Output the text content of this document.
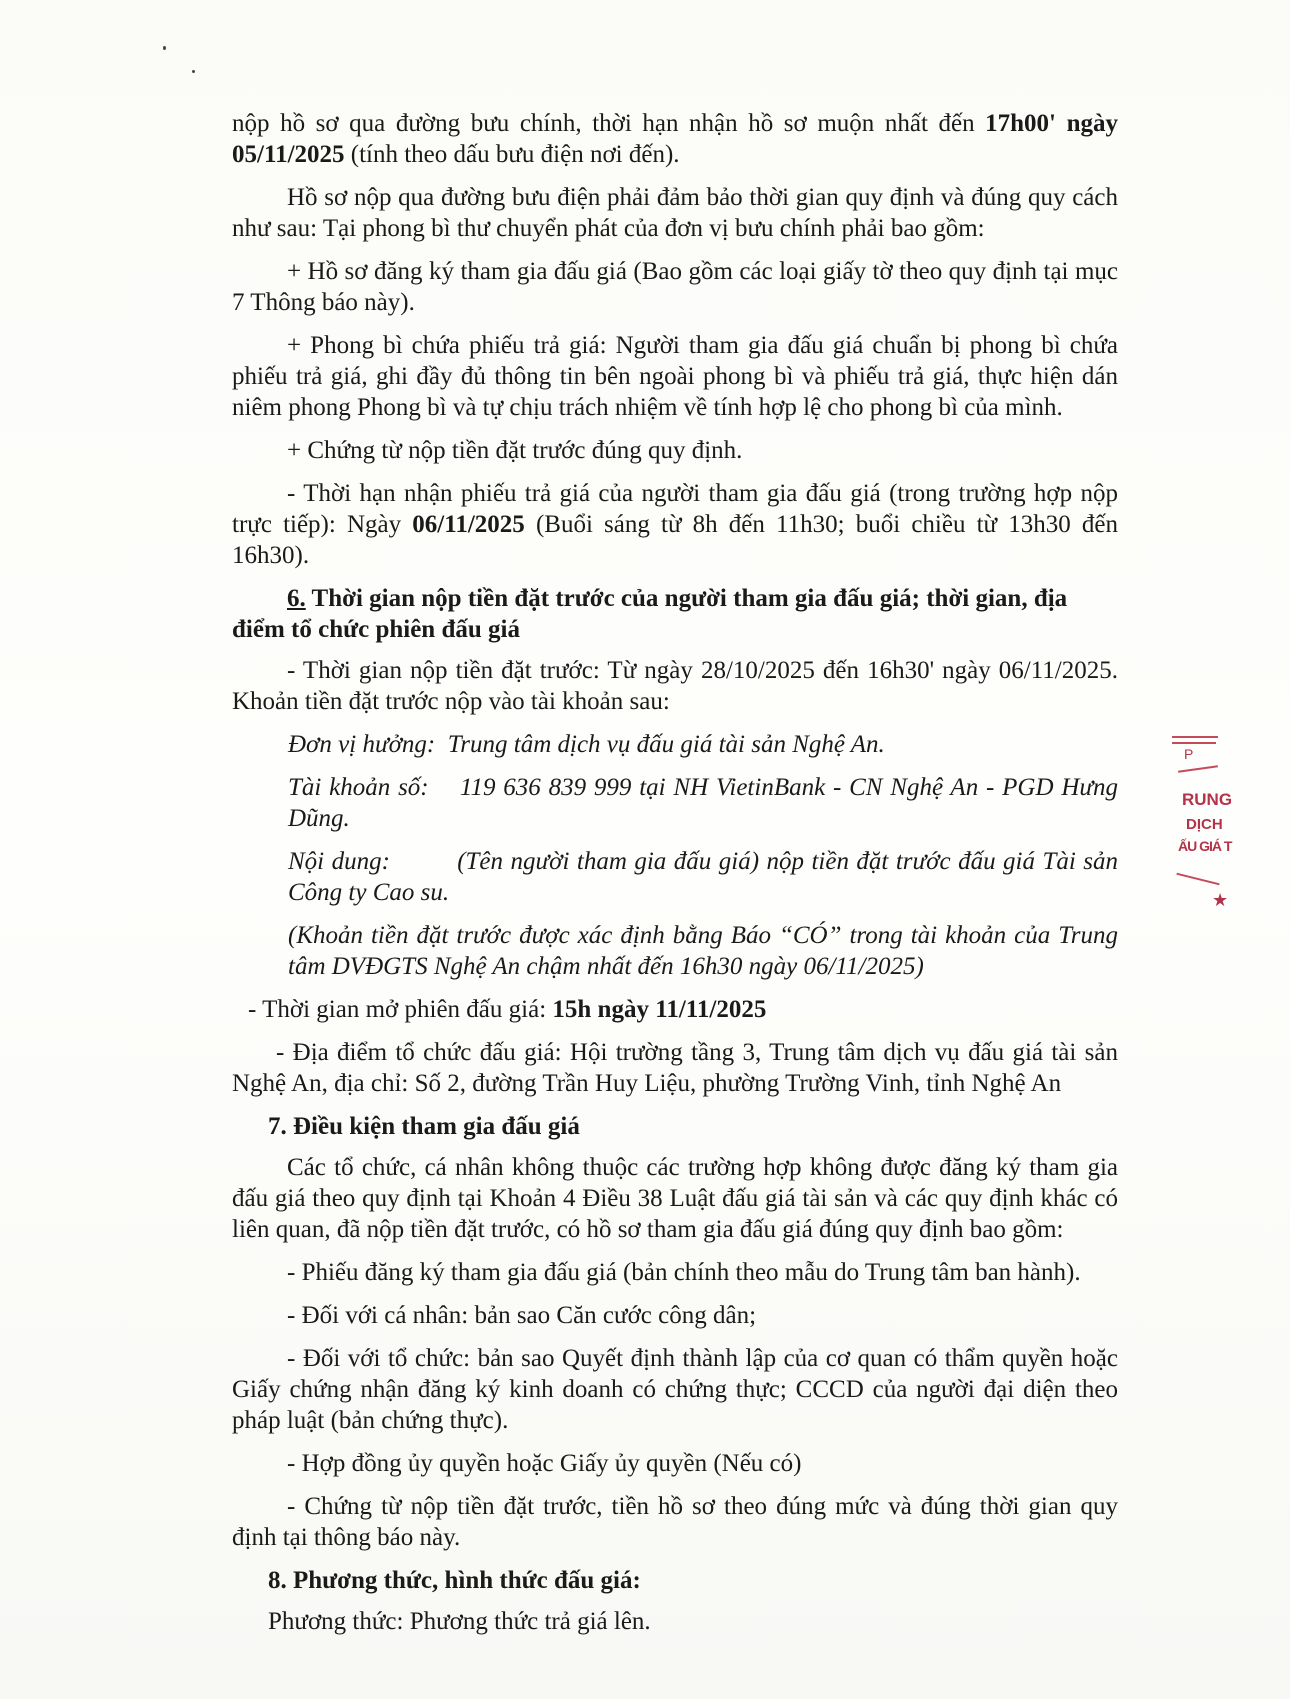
nộp hồ sơ qua đường bưu chính, thời hạn nhận hồ sơ muộn nhất đến 17h00' ngày 05/11/2025 (tính theo dấu bưu điện nơi đến).

Hồ sơ nộp qua đường bưu điện phải đảm bảo thời gian quy định và đúng quy cách như sau: Tại phong bì thư chuyển phát của đơn vị bưu chính phải bao gồm:

+ Hồ sơ đăng ký tham gia đấu giá (Bao gồm các loại giấy tờ theo quy định tại mục 7 Thông báo này).

+ Phong bì chứa phiếu trả giá: Người tham gia đấu giá chuẩn bị phong bì chứa phiếu trả giá, ghi đầy đủ thông tin bên ngoài phong bì và phiếu trả giá, thực hiện dán niêm phong Phong bì và tự chịu trách nhiệm về tính hợp lệ cho phong bì của mình.

+ Chứng từ nộp tiền đặt trước đúng quy định.

- Thời hạn nhận phiếu trả giá của người tham gia đấu giá (trong trường hợp nộp trực tiếp): Ngày 06/11/2025 (Buổi sáng từ 8h đến 11h30; buổi chiều từ 13h30 đến 16h30).

6. Thời gian nộp tiền đặt trước của người tham gia đấu giá; thời gian, địa điểm tổ chức phiên đấu giá

- Thời gian nộp tiền đặt trước: Từ ngày 28/10/2025 đến 16h30' ngày 06/11/2025. Khoản tiền đặt trước nộp vào tài khoản sau:

Đơn vị hưởng: Trung tâm dịch vụ đấu giá tài sản Nghệ An.

Tài khoản số: 119 636 839 999 tại NH VietinBank - CN Nghệ An - PGD Hưng Dũng.

Nội dung:	(Tên người tham gia đấu giá) nộp tiền đặt trước đấu giá Tài sản Công ty Cao su.

(Khoản tiền đặt trước được xác định bằng Báo “CÓ” trong tài khoản của Trung tâm DVĐGTS Nghệ An chậm nhất đến 16h30 ngày 06/11/2025)

- Thời gian mở phiên đấu giá: 15h ngày 11/11/2025

- Địa điểm tổ chức đấu giá: Hội trường tầng 3, Trung tâm dịch vụ đấu giá tài sản Nghệ An, địa chỉ: Số 2, đường Trần Huy Liệu, phường Trường Vinh, tỉnh Nghệ An

7. Điều kiện tham gia đấu giá

Các tổ chức, cá nhân không thuộc các trường hợp không được đăng ký tham gia đấu giá theo quy định tại Khoản 4 Điều 38 Luật đấu giá tài sản và các quy định khác có liên quan, đã nộp tiền đặt trước, có hồ sơ tham gia đấu giá đúng quy định bao gồm:

- Phiếu đăng ký tham gia đấu giá (bản chính theo mẫu do Trung tâm ban hành).

- Đối với cá nhân: bản sao Căn cước công dân;

- Đối với tổ chức: bản sao Quyết định thành lập của cơ quan có thẩm quyền hoặc Giấy chứng nhận đăng ký kinh doanh có chứng thực; CCCD của người đại diện theo pháp luật (bản chứng thực).

- Hợp đồng ủy quyền hoặc Giấy ủy quyền (Nếu có)

- Chứng từ nộp tiền đặt trước, tiền hồ sơ theo đúng mức và đúng thời gian quy định tại thông báo này.

8. Phương thức, hình thức đấu giá:

Phương thức: Phương thức trả giá lên.

P
RUNG
DỊCH
ẤU GIÁ T
★
